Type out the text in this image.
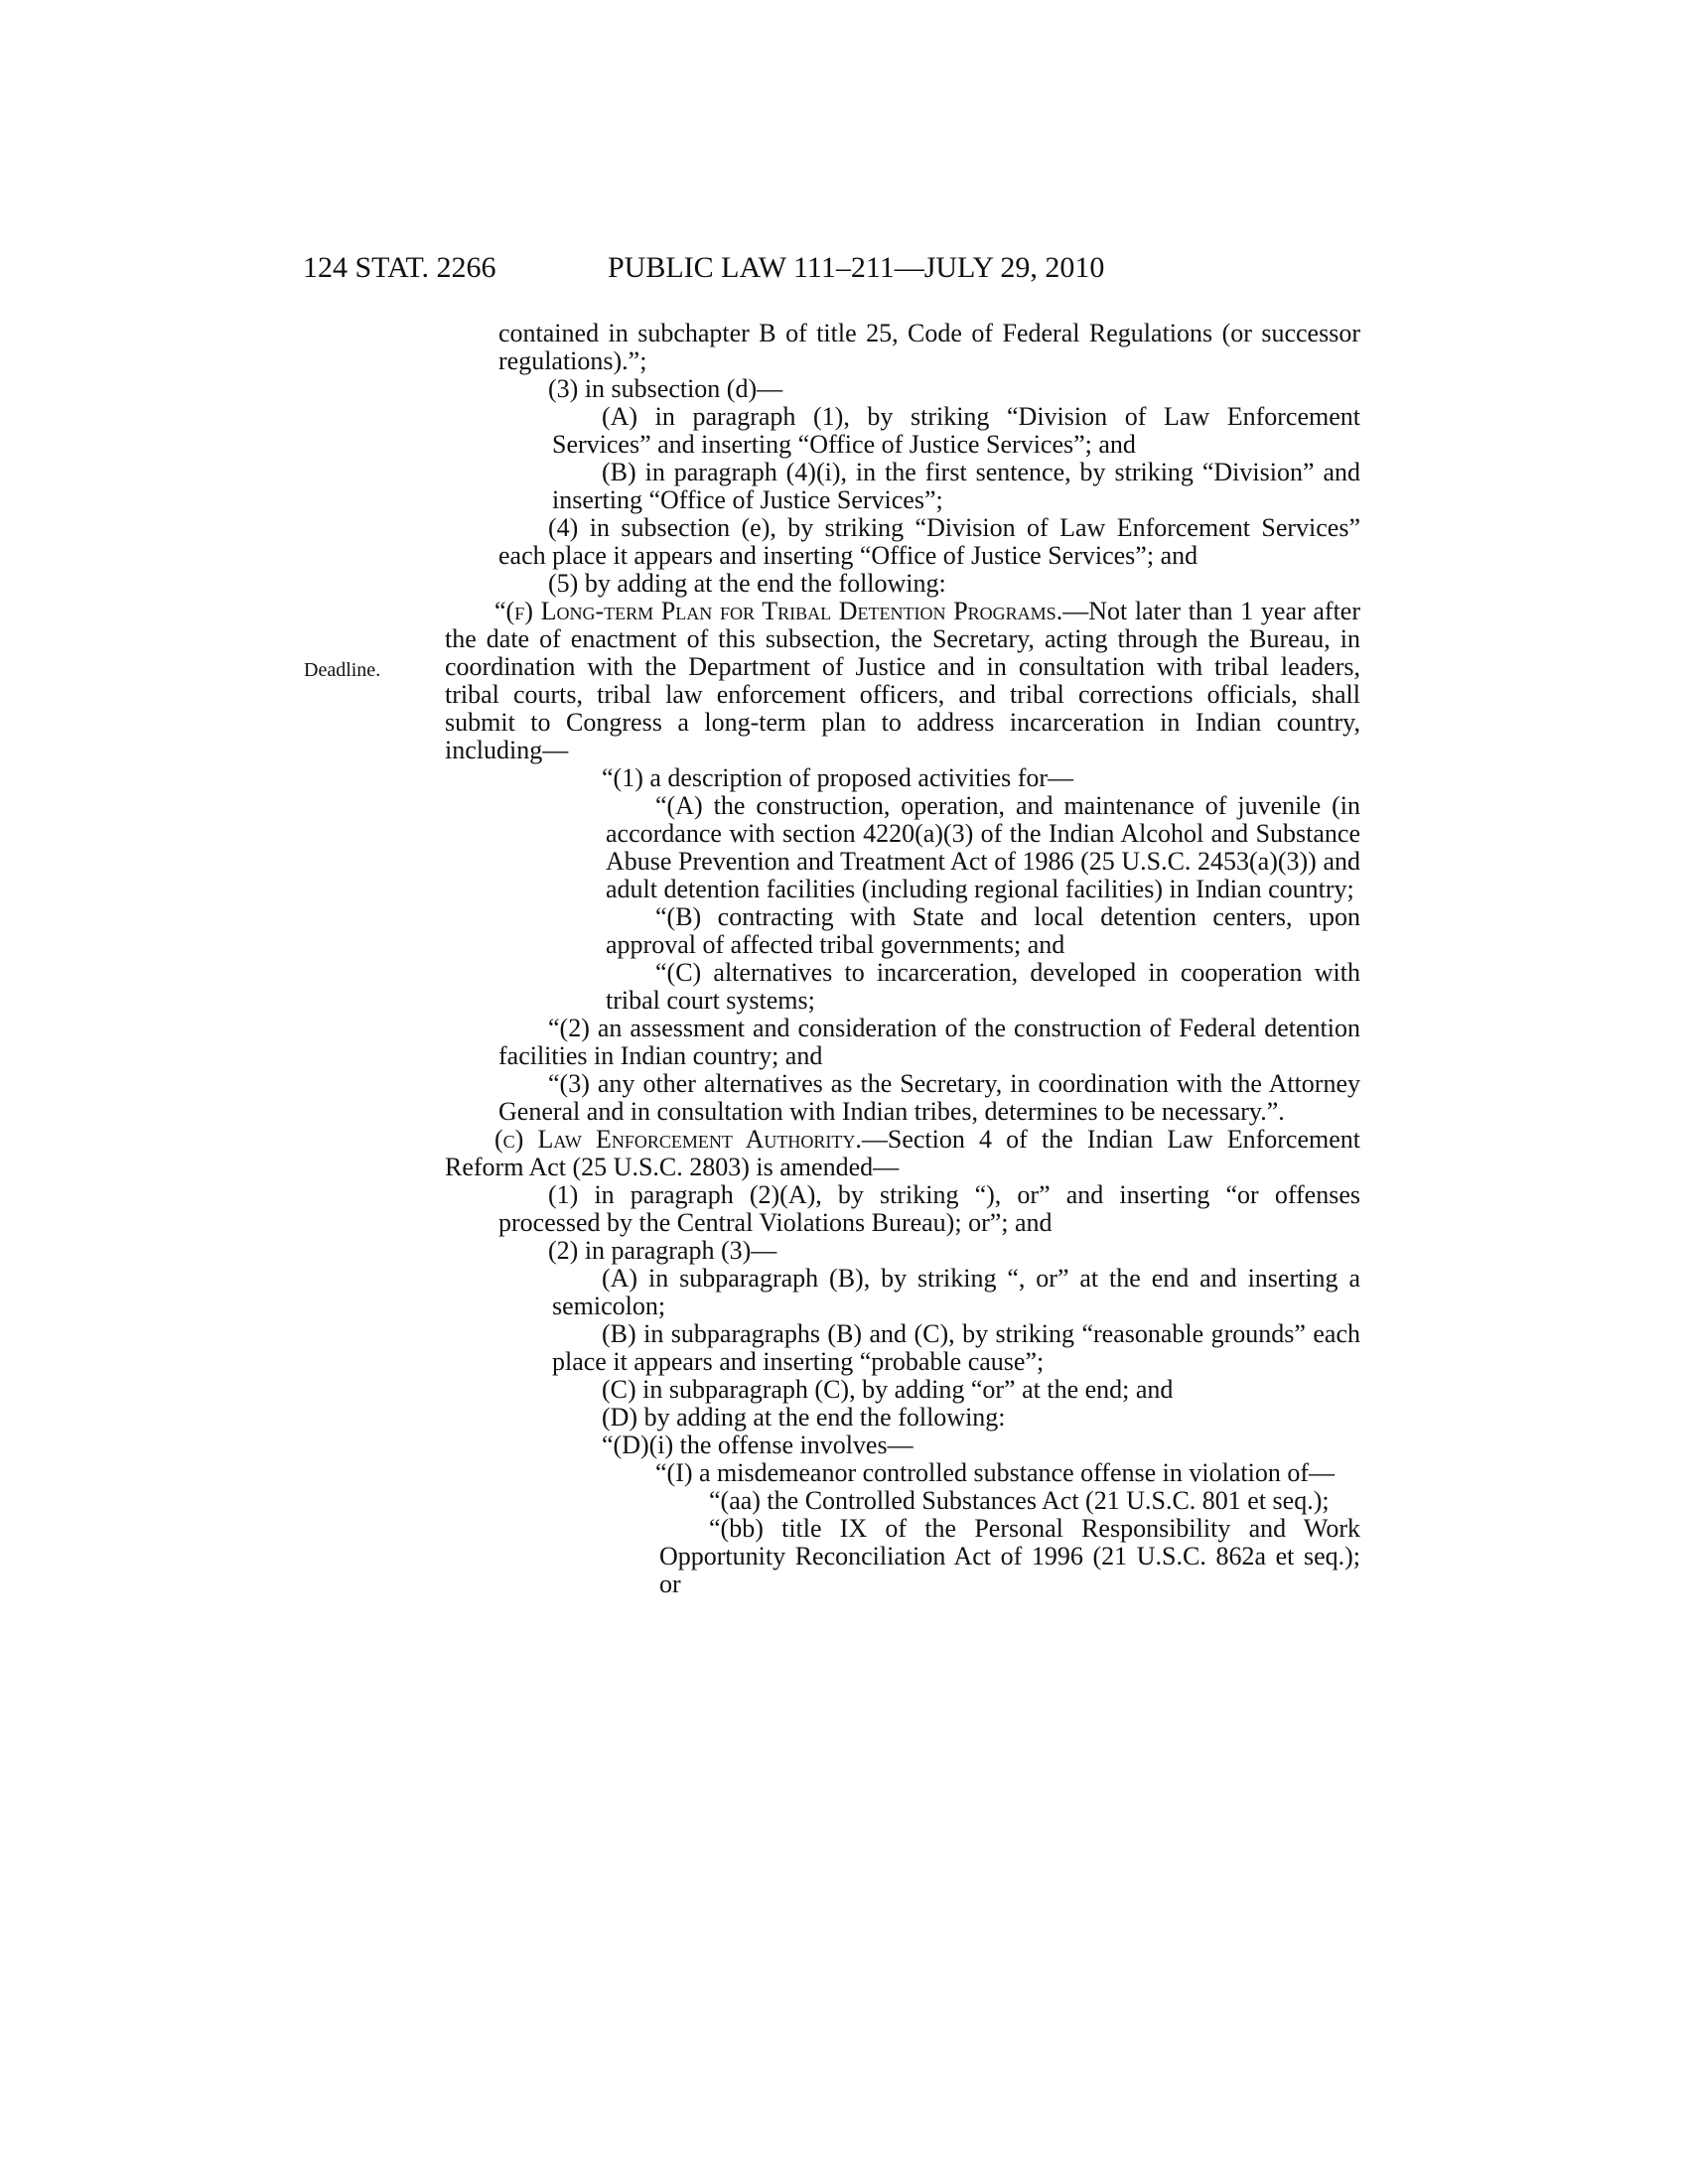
124 STAT. 2266	PUBLIC LAW 111–211—JULY 29, 2010
Deadline.

contained in subchapter B of title 25, Code of Federal Regulations (or successor regulations).”;

(3) in subsection (d)—

(A) in paragraph (1), by striking “Division of Law Enforcement Services” and inserting “Office of Justice Services”; and

(B) in paragraph (4)(i), in the first sentence, by striking “Division” and inserting “Office of Justice Services”;

(4) in subsection (e), by striking “Division of Law Enforcement Services” each place it appears and inserting “Office of Justice Services”; and

(5) by adding at the end the following:

“(f) Long-term Plan for Tribal Detention Programs.—Not later than 1 year after the date of enactment of this subsection, the Secretary, acting through the Bureau, in coordination with the Department of Justice and in consultation with tribal leaders, tribal courts, tribal law enforcement officers, and tribal corrections officials, shall submit to Congress a long-term plan to address incarceration in Indian country, including—

“(1) a description of proposed activities for—

“(A) the construction, operation, and maintenance of juvenile (in accordance with section 4220(a)(3) of the Indian Alcohol and Substance Abuse Prevention and Treatment Act of 1986 (25 U.S.C. 2453(a)(3)) and adult detention facilities (including regional facilities) in Indian country;

“(B) contracting with State and local detention centers, upon approval of affected tribal governments; and

“(C) alternatives to incarceration, developed in cooperation with tribal court systems;

“(2) an assessment and consideration of the construction of Federal detention facilities in Indian country; and

“(3) any other alternatives as the Secretary, in coordination with the Attorney General and in consultation with Indian tribes, determines to be necessary.”.

(c) Law Enforcement Authority.—Section 4 of the Indian Law Enforcement Reform Act (25 U.S.C. 2803) is amended—

(1) in paragraph (2)(A), by striking “), or” and inserting “or offenses processed by the Central Violations Bureau); or”; and

(2) in paragraph (3)—

(A) in subparagraph (B), by striking “, or” at the end and inserting a semicolon;

(B) in subparagraphs (B) and (C), by striking “reasonable grounds” each place it appears and inserting “probable cause”;

(C) in subparagraph (C), by adding “or” at the end; and

(D) by adding at the end the following:

“(D)(i) the offense involves—

“(I) a misdemeanor controlled substance offense in violation of—

“(aa) the Controlled Substances Act (21 U.S.C. 801 et seq.);

“(bb) title IX of the Personal Responsibility and Work Opportunity Reconciliation Act of 1996 (21 U.S.C. 862a et seq.); or
